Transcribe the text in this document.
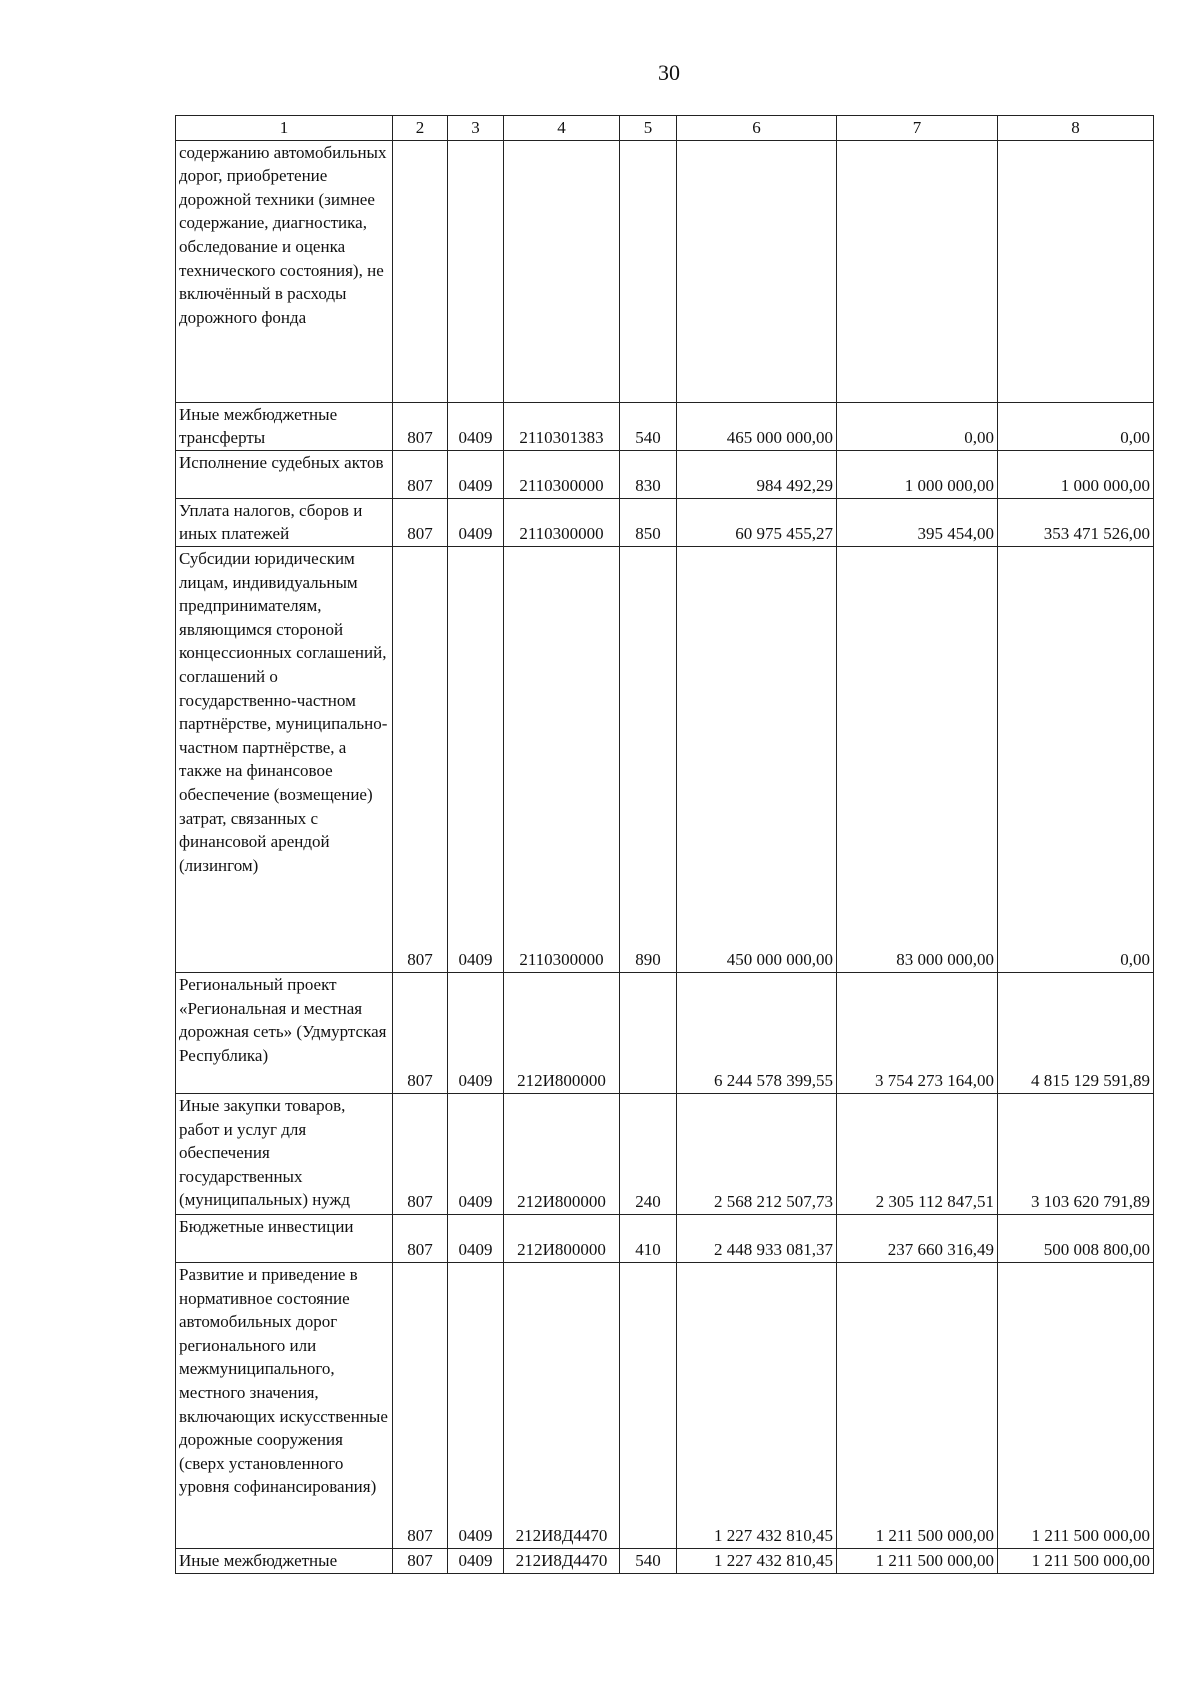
30
1	2	3	4	5	6	7	8
содержанию автомобильных дорог, приобретение дорожной техники (зимнее содержание, диагностика, обследование и оценка технического состояния), не включённый в расходы дорожного фонда							
Иные межбюджетные трансферты	807	0409	2110301383	540	465 000 000,00	0,00	0,00
Исполнение судебных актов	807	0409	2110300000	830	984 492,29	1 000 000,00	1 000 000,00
Уплата налогов, сборов и иных платежей	807	0409	2110300000	850	60 975 455,27	395 454,00	353 471 526,00
Субсидии юридическим лицам, индивидуальным предпринимателям, являющимся стороной концессионных соглашений, соглашений о государственно-частном партнёрстве, муниципально-частном партнёрстве, а также на финансовое обеспечение (возмещение) затрат, связанных с финансовой арендой (лизингом)	807	0409	2110300000	890	450 000 000,00	83 000 000,00	0,00
Региональный проект «Региональная и местная дорожная сеть» (Удмуртская Республика)	807	0409	212И800000		6 244 578 399,55	3 754 273 164,00	4 815 129 591,89
Иные закупки товаров, работ и услуг для обеспечения государственных (муниципальных) нужд	807	0409	212И800000	240	2 568 212 507,73	2 305 112 847,51	3 103 620 791,89
Бюджетные инвестиции	807	0409	212И800000	410	2 448 933 081,37	237 660 316,49	500 008 800,00
Развитие и приведение в нормативное состояние автомобильных дорог регионального или межмуниципального, местного значения, включающих искусственные дорожные сооружения (сверх установленного уровня софинансирования)	807	0409	212И8Д4470		1 227 432 810,45	1 211 500 000,00	1 211 500 000,00
Иные межбюджетные	807	0409	212И8Д4470	540	1 227 432 810,45	1 211 500 000,00	1 211 500 000,00
